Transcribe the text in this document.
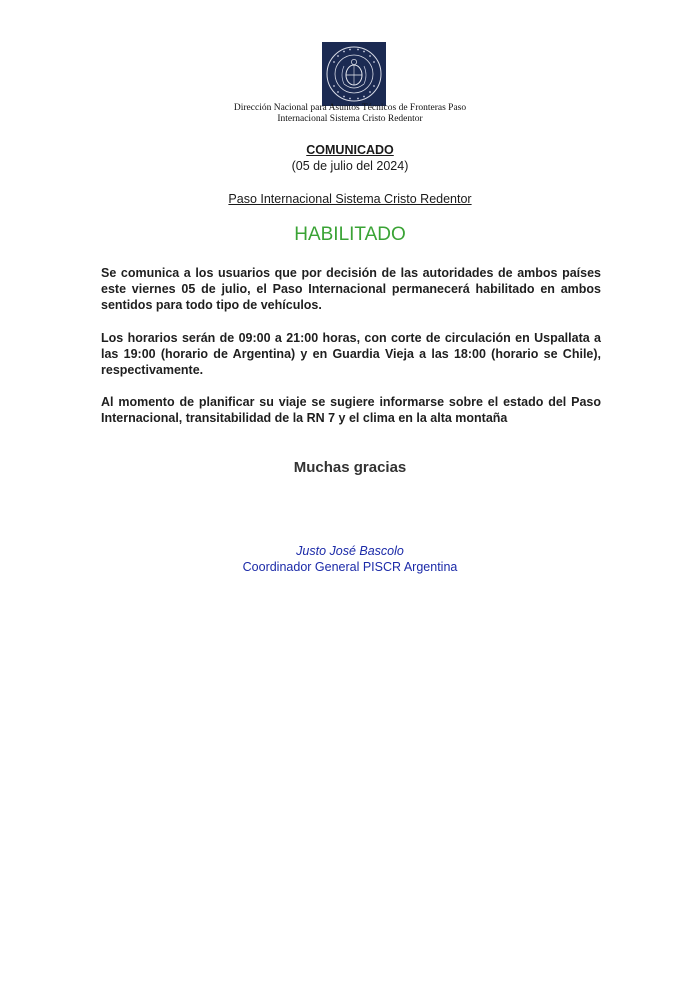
Dirección Nacional para Asuntos Técnicos de Fronteras Paso
Internacional Sistema Cristo Redentor
COMUNICADO
(05 de julio del 2024)
Paso Internacional Sistema Cristo Redentor
HABILITADO
Se comunica a los usuarios que por decisión de las autoridades de ambos países este viernes 05 de julio, el Paso Internacional permanecerá habilitado en ambos sentidos para todo tipo de vehículos.
Los horarios serán de 09:00 a 21:00 horas, con corte de circulación en Uspallata a las 19:00 (horario de Argentina) y en Guardia Vieja a las 18:00 (horario se Chile), respectivamente.
Al momento de planificar su viaje se sugiere informarse sobre el estado del Paso Internacional, transitabilidad de la RN 7 y el clima en la alta montaña
Muchas gracias
Justo José Bascolo
Coordinador General PISCR Argentina
